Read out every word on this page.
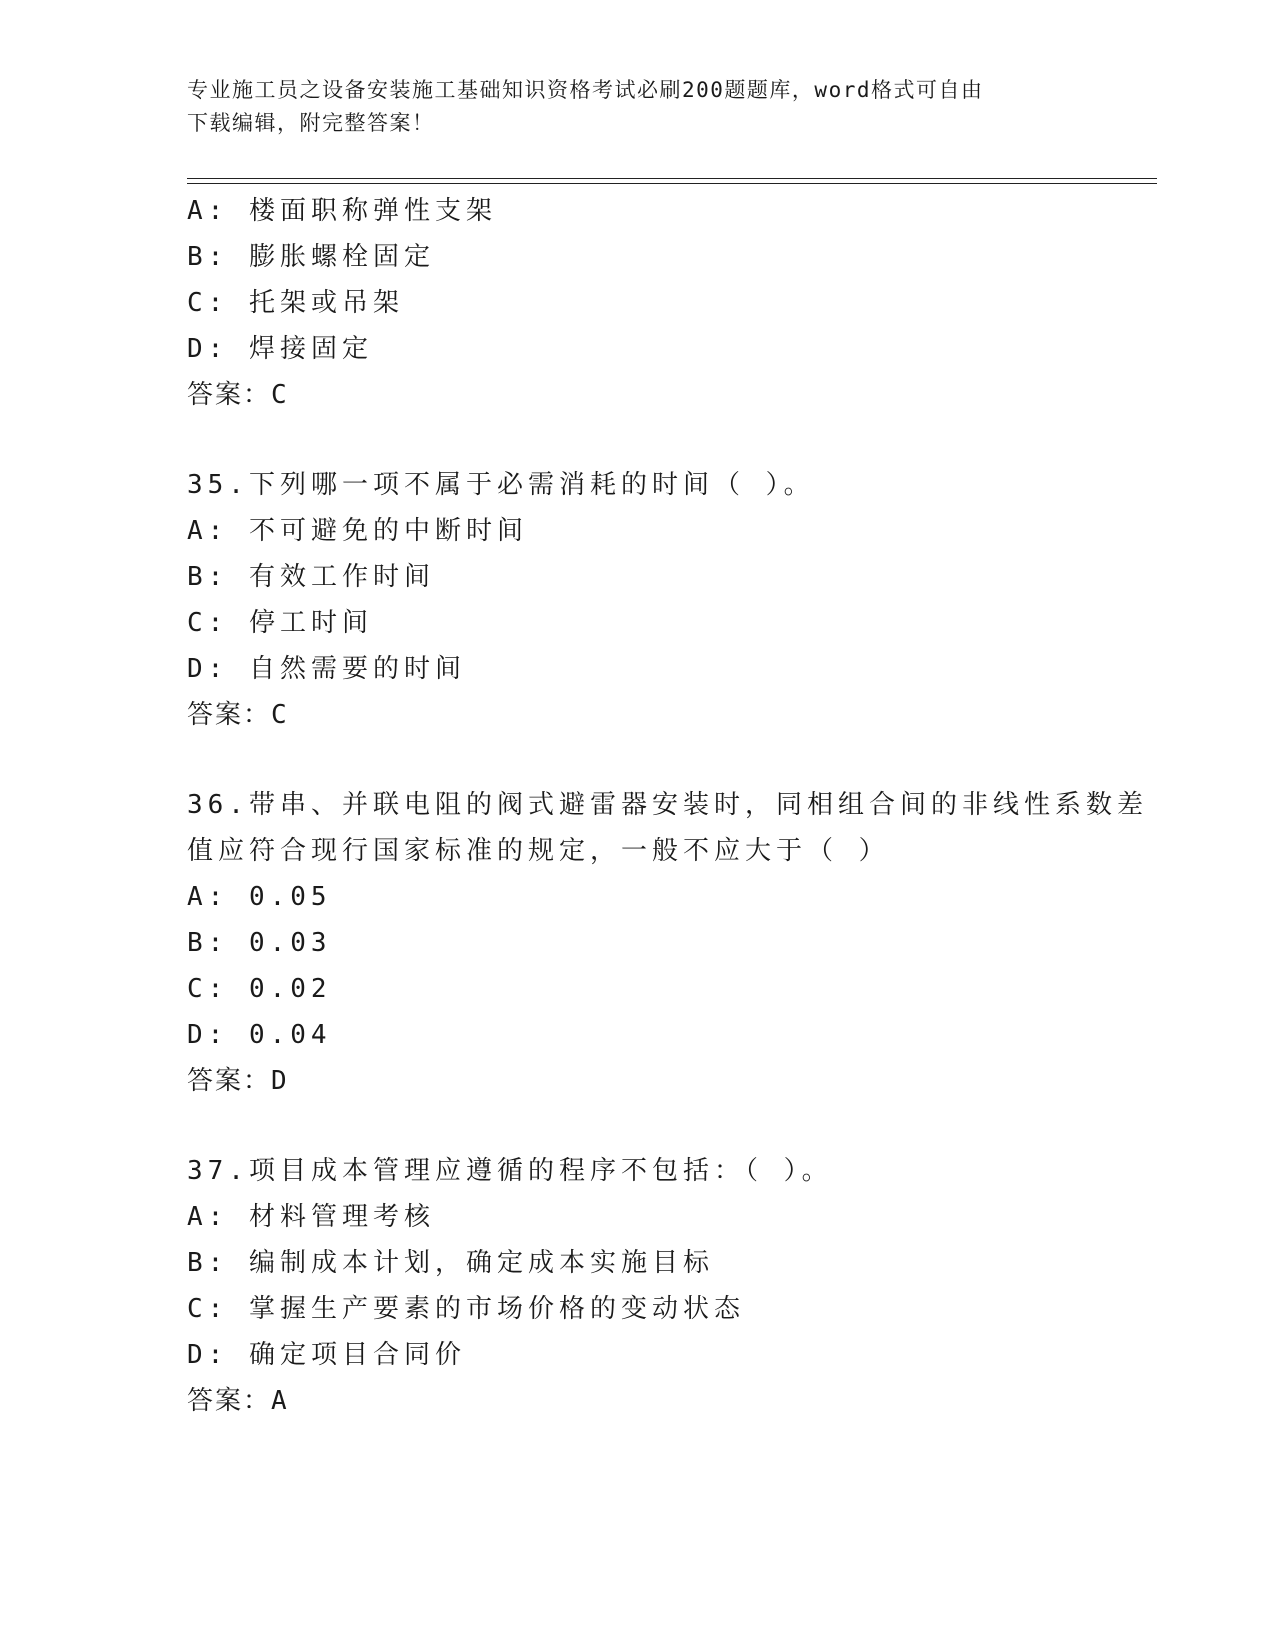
专业施工员之设备安装施工基础知识资格考试必刷200题题库，word格式可自由
下载编辑，附完整答案！
A: 楼面职称弹性支架
B: 膨胀螺栓固定
C: 托架或吊架
D: 焊接固定
答案：C
35.下列哪一项不属于必需消耗的时间（ ）。
A: 不可避免的中断时间
B: 有效工作时间
C: 停工时间
D: 自然需要的时间
答案：C
36.带串、并联电阻的阀式避雷器安装时，同相组合间的非线性系数差
值应符合现行国家标准的规定，一般不应大于（ ）
A: 0.05
B: 0.03
C: 0.02
D: 0.04
答案：D
37.项目成本管理应遵循的程序不包括：（ ）。
A: 材料管理考核
B: 编制成本计划，确定成本实施目标
C: 掌握生产要素的市场价格的变动状态
D: 确定项目合同价
答案：A
